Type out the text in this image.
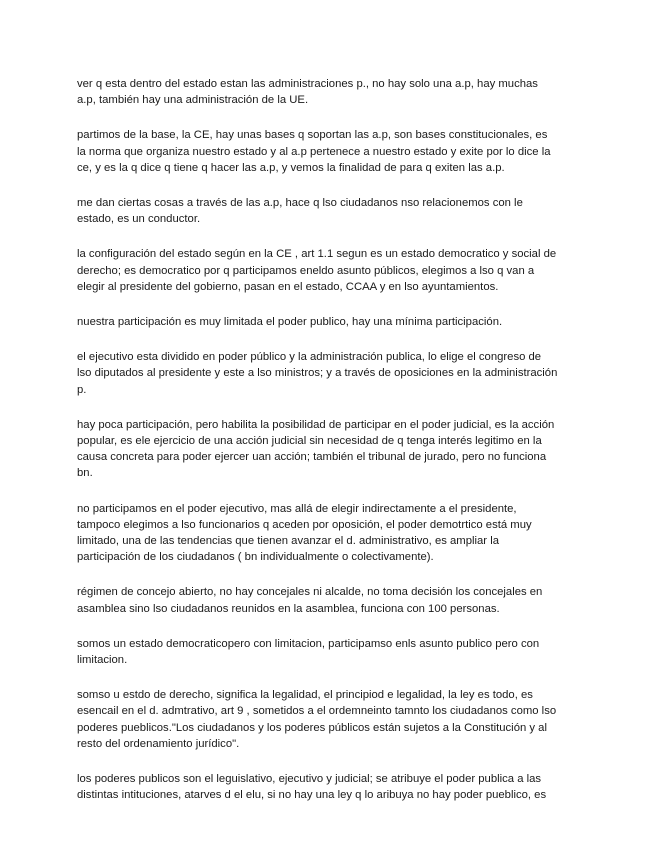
ver q esta dentro del estado estan las administraciones p., no hay solo una a.p, hay muchas
a.p, también hay una administración de la UE.

partimos de la base, la CE, hay unas bases q soportan las a.p, son bases constitucionales, es
la norma que organiza nuestro estado y al a.p pertenece a nuestro estado y exite por lo dice la
ce, y es la q dice q tiene q hacer las a.p, y vemos la finalidad de para q exiten las a.p.

me dan ciertas cosas a través de las a.p, hace q lso ciudadanos nso relacionemos con le
estado, es un conductor.

la configuración del estado según en la CE , art 1.1 segun es un estado democratico y social de
derecho; es democratico por q participamos eneldo asunto públicos, elegimos a lso q van a
elegir al presidente del gobierno, pasan en el estado, CCAA y en lso ayuntamientos.

nuestra participación es muy limitada el poder publico, hay una mínima participación.

el ejecutivo esta dividido en poder público y la administración publica, lo elige el congreso de
lso diputados al presidente y este a lso ministros; y a través de oposiciones en la administración
p.

hay poca participación, pero habilita la posibilidad de participar en el poder judicial, es la acción
popular, es ele ejercicio de una acción judicial sin necesidad de q tenga interés legitimo en la
causa concreta para poder ejercer uan acción; también el tribunal de jurado, pero no funciona
bn.

no participamos en el poder ejecutivo, mas allá de elegir indirectamente a el presidente,
tampoco elegimos a lso funcionarios q aceden por oposición, el poder demotrtico está muy
limitado, una de las tendencias que tienen avanzar el d. administrativo, es ampliar la
participación de los ciudadanos ( bn individualmente o colectivamente).

régimen de concejo abierto, no hay concejales ni alcalde, no toma decisión los concejales en
asamblea sino lso ciudadanos reunidos en la asamblea, funciona con 100 personas.

somos un estado democraticopero con limitacion, participamso enls asunto publico pero con
limitacion.

somso u estdo de derecho, significa la legalidad, el principiod e legalidad, la ley es todo, es
esencail en el d. admtrativo, art 9 , sometidos a el ordemneinto tamnto los ciudadanos como lso
poderes pueblicos."Los ciudadanos y los poderes públicos están sujetos a la Constitución y al
resto del ordenamiento jurídico".

los poderes publicos son el leguislativo, ejecutivo y judicial; se atribuye el poder publica a las
distintas intituciones, atarves d el elu, si no hay una ley q lo aribuya no hay poder pueblico, es
